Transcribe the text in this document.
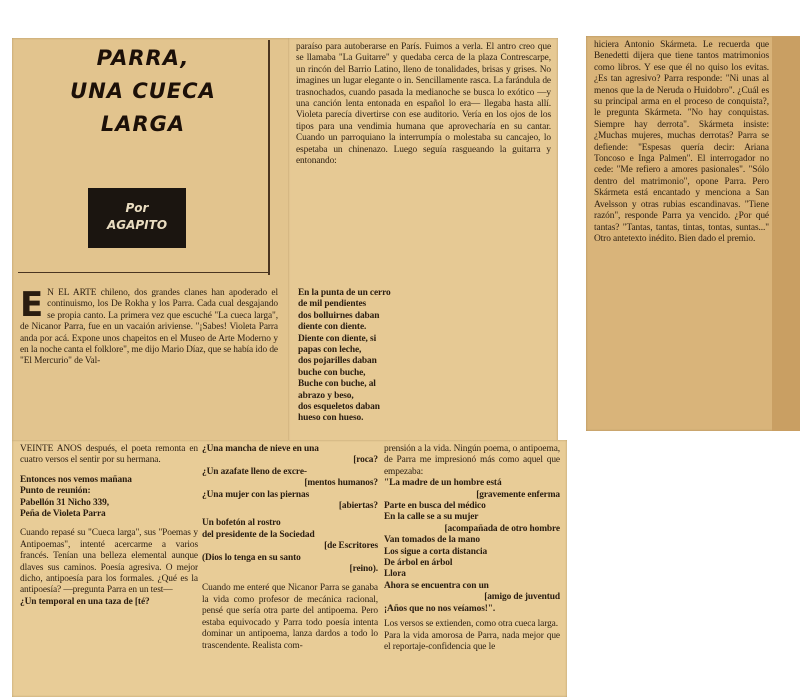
PARRA,
UNA CUECA
LARGA
Por
AGAPITO
E N EL ARTE chileno, dos grandes clanes han apoderado el continuismo, los De Rokha y los Parra. Cada cual desgajando se propia canto. La primera vez que escuché "La cueca larga", de Nicanor Parra, fue en un vacaión ariviense. "¡Sabes! Violeta Parra anda por acá. Expone unos chapeitos en el Museo de Arte Moderno y en la noche canta el folklore", me dijo Mario Díaz, que se había ido de "El Mercurio" de Val-

paraíso para autoberarse en París. Fuimos a verla. El antro creo que se llamaba "La Guitarre" y quedaba cerca de la plaza Contrescarpe, un rincón del Barrio Latino, lleno de tonalidades, brisas y grises. No imagines un lugar elegante o in. Sencillamente rasca. La farándula de trasnochados, cuando pasada la medianoche se busca lo exótico —y una canción lenta entonada en español lo era— llegaba hasta allí. Violeta parecía divertirse con ese auditorio. Vería en los ojos de los tipos para una vendimia humana que aprovecharía en su cantar. Cuando un parroquiano la interrumpía o molestaba su cancajeo, lo espetaba un chinenazo. Luego seguía rasgueando la guitarra y entonando:

En la punta de un cerro

de mil pendientes

dos bolluirnes daban

diente con diente.

Diente con diente, si

papas con leche,

dos pojarilles daban

buche con buche,

Buche con buche, al

abrazo y beso,

dos esqueletos daban

hueso con hueso.

hiciera Antonio Skármeta. Le recuerda que Benedetti dijera que tiene tantos matrimonios como libros. Y ese que él no quiso los evitas. ¿Es tan agresivo? Parra responde: "Ni unas al menos que la de Neruda o Huidobro". ¿Cuál es su principal arma en el proceso de conquista?, le pregunta Skármeta. "No hay conquistas. Siempre hay derrota". Skármeta insiste: ¿Muchas mujeres, muchas derrotas? Parra se defiende: "Espesas quería decir: Ariana Toncoso e Inga Palmen". El interrogador no cede: "Me refiero a amores pasionales". "Sólo dentro del matrimonio", opone Parra. Pero Skármeta está encantado y menciona a San Avelsson y otras rubias escandinavas. "Tiene razón", responde Parra ya vencido. ¿Por qué tantas? "Tantas, tantas, tintas, tontas, suntas..." Otro antetexto inédito. Bien dado el premio.

VEINTE AÑOS después, el poeta remonta en cuatro versos el sentir por su hermana.

Entonces nos vemos mañana

Punto de reunión:

Pabellón 31 Nicho 339,

Peña de Violeta Parra

Cuando repasé su "Cueca larga", sus "Poemas y Antipoemas", intenté acercarme a varios francés. Tenían una belleza elemental aunque dlaves sus caminos. Poesía agresiva. O mejor dicho, antipoesía para los formales. ¿Qué es la antipoesía? —pregunta Parra en un test—

¿Un temporal en una taza de [té?

¿Una mancha de nieve en una

[roca?

¿Un azafate lleno de excre-

[mentos humanos?

¿Una mujer con las piernas

[abiertas?

Un bofetón al rostro

del presidente de la Sociedad

[de Escritores

(Dios lo tenga en su santo

[reino).

Cuando me enteré que Nicanor Parra se ganaba la vida como profesor de mecánica racional, pensé que sería otra parte del antipoema. Pero estaba equivocado y Parra todo poesía intenta dominar un antipoema, lanza dardos a todo lo trascendente. Realista com-

prensión a la vida. Ningún poema, o antipoema, de Parra me impresionó más como aquel que empezaba:

"La madre de un hombre está

[gravemente enferma

Parte en busca del médico

En la calle se a su mujer

[acompañada de otro hombre

Van tomados de la mano

Los sigue a corta distancia

De árbol en árbol

Llora

Ahora se encuentra con un

[amigo de juventud

¡Años que no nos veíamos!".

Los versos se extienden, como otra cueca larga.

Para la vida amorosa de Parra, nada mejor que el reportaje-confidencia que le
